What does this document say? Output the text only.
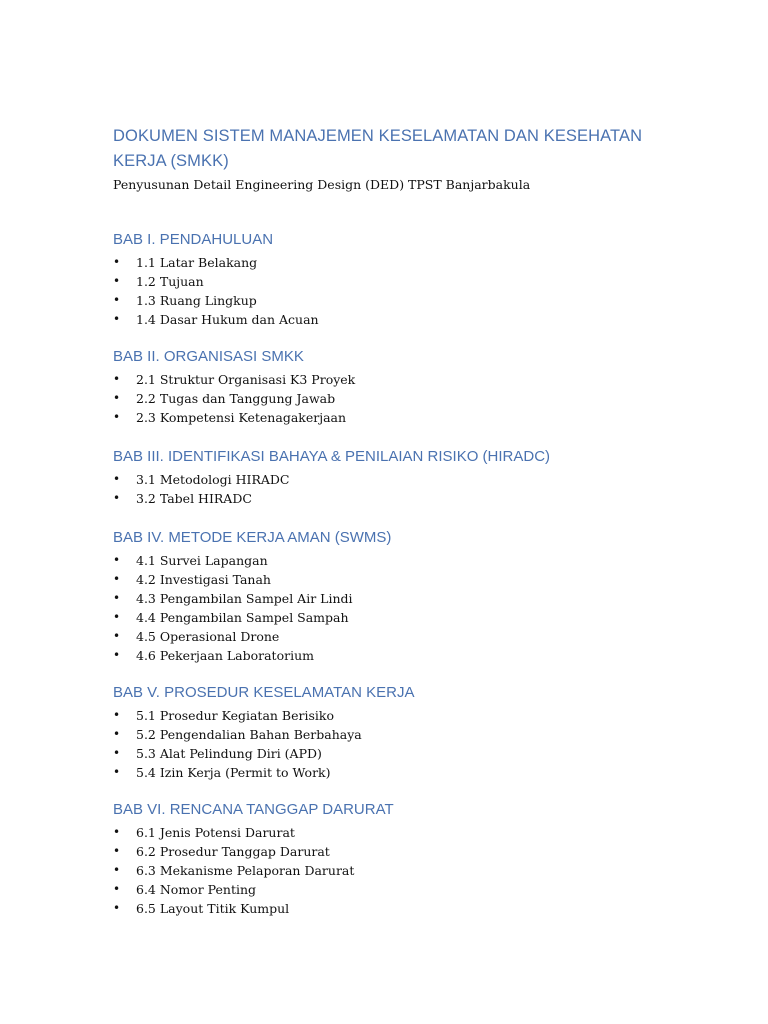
DOKUMEN SISTEM MANAJEMEN KESELAMATAN DAN KESEHATAN KERJA (SMKK)

Penyusunan Detail Engineering Design (DED) TPST Banjarbakula

BAB I. PENDAHULUAN
• 1.1 Latar Belakang
• 1.2 Tujuan
• 1.3 Ruang Lingkup
• 1.4 Dasar Hukum dan Acuan
BAB II. ORGANISASI SMKK
• 2.1 Struktur Organisasi K3 Proyek
• 2.2 Tugas dan Tanggung Jawab
• 2.3 Kompetensi Ketenagakerjaan
BAB III. IDENTIFIKASI BAHAYA & PENILAIAN RISIKO (HIRADC)
• 3.1 Metodologi HIRADC
• 3.2 Tabel HIRADC
BAB IV. METODE KERJA AMAN (SWMS)
• 4.1 Survei Lapangan
• 4.2 Investigasi Tanah
• 4.3 Pengambilan Sampel Air Lindi
• 4.4 Pengambilan Sampel Sampah
• 4.5 Operasional Drone
• 4.6 Pekerjaan Laboratorium
BAB V. PROSEDUR KESELAMATAN KERJA
• 5.1 Prosedur Kegiatan Berisiko
• 5.2 Pengendalian Bahan Berbahaya
• 5.3 Alat Pelindung Diri (APD)
• 5.4 Izin Kerja (Permit to Work)
BAB VI. RENCANA TANGGAP DARURAT
• 6.1 Jenis Potensi Darurat
• 6.2 Prosedur Tanggap Darurat
• 6.3 Mekanisme Pelaporan Darurat
• 6.4 Nomor Penting
• 6.5 Layout Titik Kumpul
